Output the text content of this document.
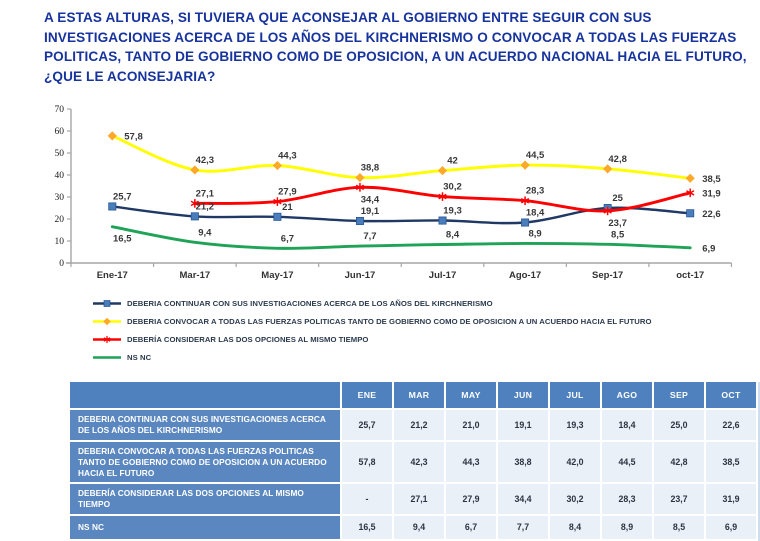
A ESTAS ALTURAS, SI TUVIERA QUE ACONSEJAR AL GOBIERNO ENTRE SEGUIR CON SUS
INVESTIGACIONES ACERCA DE LOS AÑOS DEL KIRCHNERISMO O CONVOCAR A TODAS LAS FUERZAS
POLITICAS, TANTO DE GOBIERNO COMO DE OPOSICION, A UN ACUERDO NACIONAL HACIA EL FUTURO,
¿QUE LE ACONSEJARIA?
0
10
20
30
40
50
60
70
Ene-17	Mar-17	May-17	Jun-17	Jul-17	Ago-17	Sep-17	oct-17
25,7
21,2	21	19,1	19,3	18,4
25
22,6
57,8
42,3	44,3
38,8
42	44,5	42,8
38,5
27,1	27,9
34,4
30,2	28,3
23,7
31,9
16,5
9,4
6,7	7,7	8,4	8,9	8,5
6,9
DEBERIA CONTINUAR CON SUS INVESTIGACIONES ACERCA DE LOS AÑOS DEL KIRCHNERISMO
DEBERIA CONVOCAR A TODAS LAS FUERZAS POLITICAS TANTO DE GOBIERNO COMO DE OPOSICION A UN ACUERDO HACIA EL FUTURO
DEBERÍA CONSIDERAR LAS DOS OPCIONES AL MISMO TIEMPO
NS NC
	ENE	MAR	MAY	JUN	JUL	AGO	SEP	OCT
DEBERIA CONTINUAR CON SUS INVESTIGACIONES ACERCA DE LOS AÑOS DEL KIRCHNERISMO	25,7	21,2	21,0	19,1	19,3	18,4	25,0	22,6
DEBERIA CONVOCAR A TODAS LAS FUERZAS POLITICAS TANTO DE GOBIERNO COMO DE OPOSICION A UN ACUERDO HACIA EL FUTURO	57,8	42,3	44,3	38,8	42,0	44,5	42,8	38,5
DEBERÍA CONSIDERAR LAS DOS OPCIONES AL MISMO TIEMPO	-	27,1	27,9	34,4	30,2	28,3	23,7	31,9
NS NC	16,5	9,4	6,7	7,7	8,4	8,9	8,5	6,9
